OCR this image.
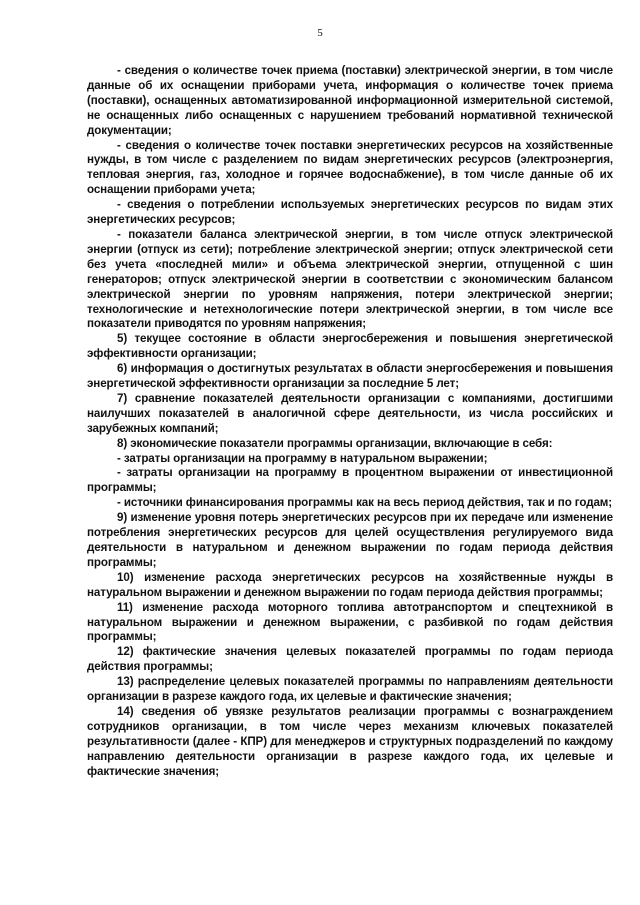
5

- сведения о количестве точек приема (поставки) электрической энергии, в том числе данные об их оснащении приборами учета, информация о количестве точек приема (поставки), оснащенных автоматизированной информационной измерительной системой, не оснащенных либо оснащенных с нарушением требований нормативной технической документации;

- сведения о количестве точек поставки энергетических ресурсов на хозяйственные нужды, в том числе с разделением по видам энергетических ресурсов (электроэнергия, тепловая энергия, газ, холодное и горячее водоснабжение), в том числе данные об их оснащении приборами учета;

- сведения о потреблении используемых энергетических ресурсов по видам этих энергетических ресурсов;

- показатели баланса электрической энергии, в том числе отпуск электрической энергии (отпуск из сети); потребление электрической энергии; отпуск электрической сети без учета «последней мили» и объема электрической энергии, отпущенной с шин генераторов; отпуск электрической энергии в соответствии с экономическим балансом электрической энергии по уровням напряжения, потери электрической энергии; технологические и нетехнологические потери электрической энергии, в том числе все показатели приводятся по уровням напряжения;

5) текущее состояние в области энергосбережения и повышения энергетической эффективности организации;

6) информация о достигнутых результатах в области энергосбережения и повышения энергетической эффективности организации за последние 5 лет;

7) сравнение показателей деятельности организации с компаниями, достигшими наилучших показателей в аналогичной сфере деятельности, из числа российских и зарубежных компаний;

8) экономические показатели программы организации, включающие в себя:

- затраты организации на программу в натуральном выражении;

- затраты организации на программу в процентном выражении от инвестиционной программы;

- источники финансирования программы как на весь период действия, так и по годам;

9) изменение уровня потерь энергетических ресурсов при их передаче или изменение потребления энергетических ресурсов для целей осуществления регулируемого вида деятельности в натуральном и денежном выражении по годам периода действия программы;

10) изменение расхода энергетических ресурсов на хозяйственные нужды в натуральном выражении и денежном выражении по годам периода действия программы;

11) изменение расхода моторного топлива автотранспортом и спецтехникой в натуральном выражении и денежном выражении, с разбивкой по годам действия программы;

12) фактические значения целевых показателей программы по годам периода действия программы;

13) распределение целевых показателей программы по направлениям деятельности организации в разрезе каждого года, их целевые и фактические значения;

14) сведения об увязке результатов реализации программы с вознаграждением сотрудников организации, в том числе через механизм ключевых показателей результативности (далее - КПР) для менеджеров и структурных подразделений по каждому направлению деятельности организации в разрезе каждого года, их целевые и фактические значения;
